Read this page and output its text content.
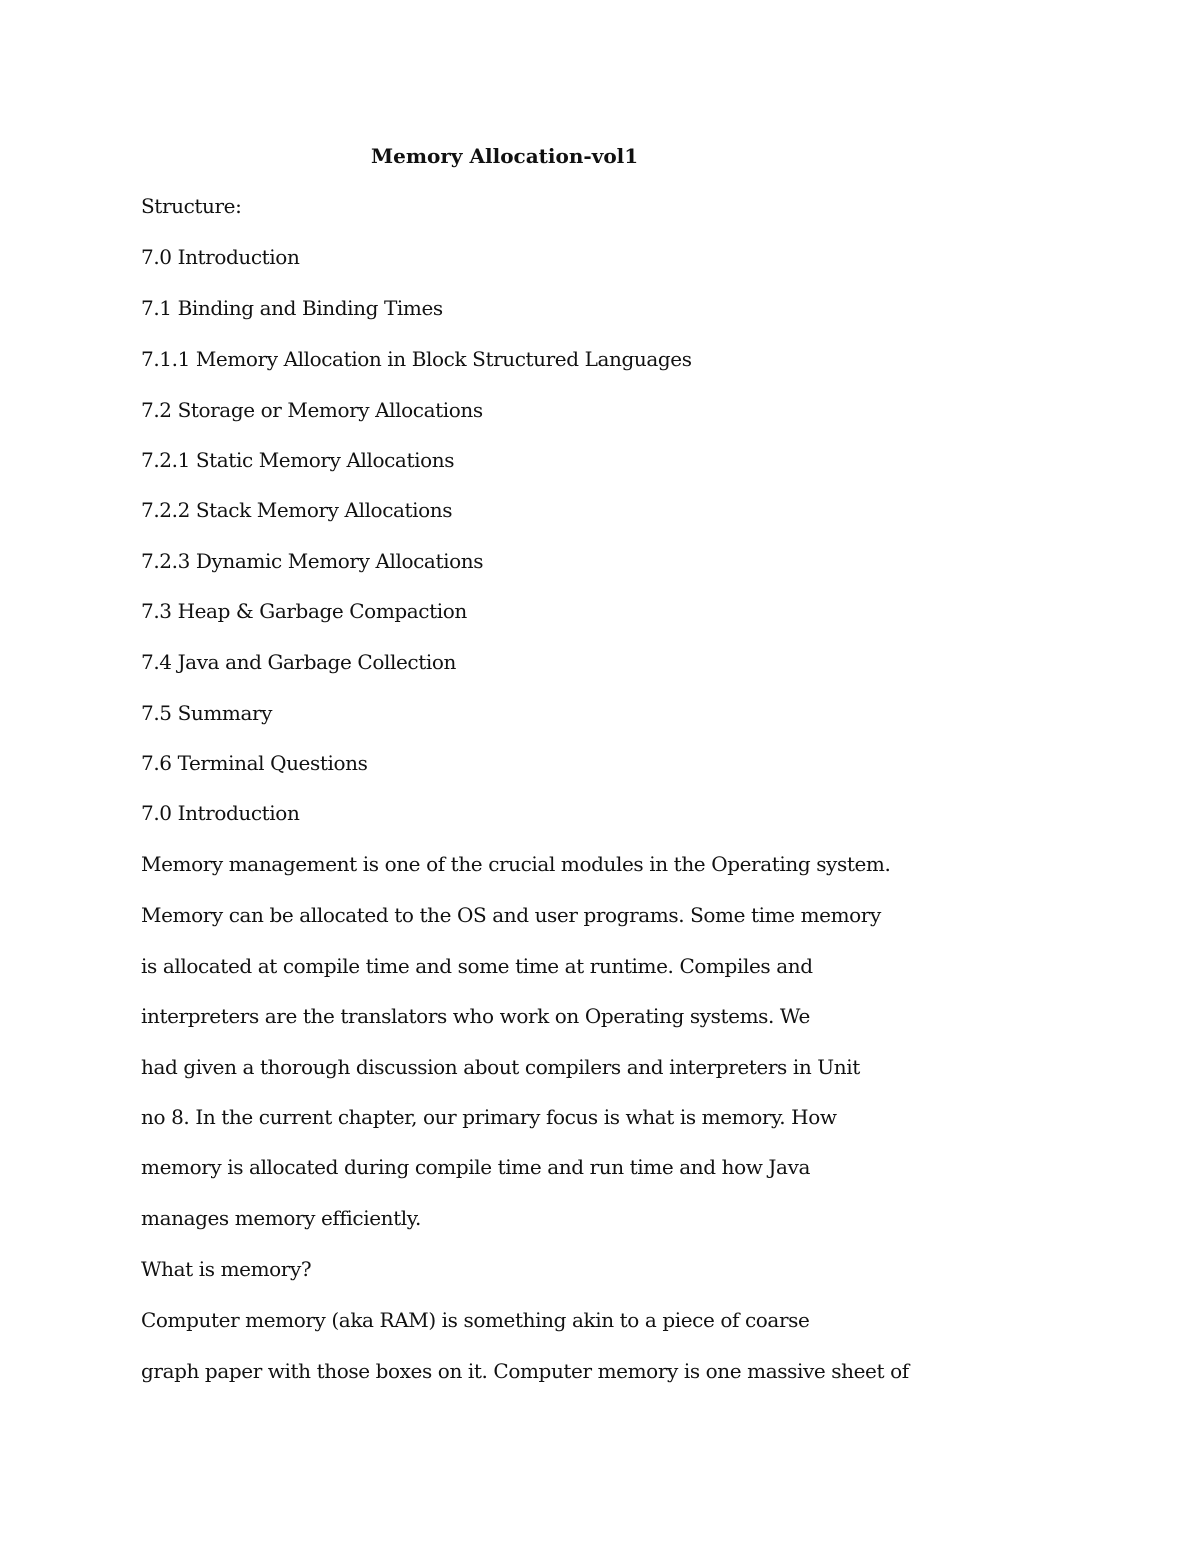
Memory Allocation-vol1
Structure:
7.0 Introduction
7.1 Binding and Binding Times
7.1.1 Memory Allocation in Block Structured Languages
7.2 Storage or Memory Allocations
7.2.1 Static Memory Allocations
7.2.2 Stack Memory Allocations
7.2.3 Dynamic Memory Allocations
7.3 Heap & Garbage Compaction
7.4 Java and Garbage Collection
7.5 Summary
7.6 Terminal Questions
7.0 Introduction
Memory management is one of the crucial modules in the Operating system.
Memory can be allocated to the OS and user programs. Some time memory
is allocated at compile time and some time at runtime. Compiles and
interpreters are the translators who work on Operating systems. We
had given a thorough discussion about compilers and interpreters in Unit
no 8. In the current chapter, our primary focus is what is memory. How
memory is allocated during compile time and run time and how Java
manages memory efficiently.
What is memory?
Computer memory (aka RAM) is something akin to a piece of coarse
graph paper with those boxes on it. Computer memory is one massive sheet of
